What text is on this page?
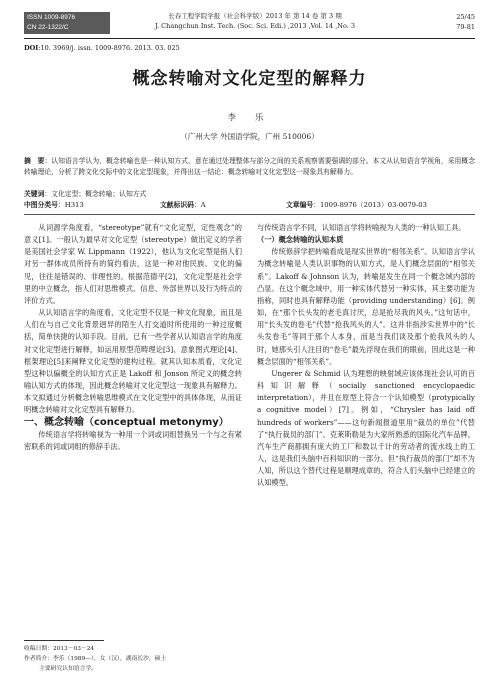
ISSN 1009-8976
CN 22-1322/C
长春工程学院学报（社会科学版）2013 年 第 14 卷 第 3 期
J. Changchun Inst. Tech. (Soc. Sci. Edi.) ,2013 ,Vol. 14 ,No. 3
25/45
79-81
DOI:10. 3969/j. issn. 1009-8976. 2013. 03. 025
概念转喻对文化定型的解释力
李 乐
（广州大学 外国语学院，广州 510006）
摘　要：认知语言学认为，概念转喻也是一种认知方式，意在通过处理整体与部分之间的关系观察需要强调的部分。本文从认知语言学视角，采用概念转喻理论，分析了跨文化交际中的文化定型现象，并得出这一结论：概念转喻对文化定型这一现象具有解释力。
关键词：文化定型；概念转喻；认知方式
中图分类号：H313	文献标识码：A	文章编号：1009-8976（2013）03-0079-03

从词源学角度看，“stereotype”就有“文化定型，定性观念”的意义[1]。一般认为最早对文化定型（stereotype）做出定义的学者是美国社会学家 W. Lippmann（1922），他认为文化定型是指人们对另一群体成员所持有的简约看法，这是一种对他民族、文化的偏见，往往是错误的、非理性的。根据范德平[2]，文化定型是社会学里的中立概念，指人们对思维模式、信息、外部世界以及行为特点的评价方式。

从认知语言学的角度看，文化定型不仅是一种文化现象，而且是人们在与自己文化背景迥异的陌生人打交道时所使用的一种过度概括，简单快捷的认知手段。目前，已有一些学者从认知语言学的角度对文化定型进行解释，如运用原型范畴理论[3]、意象图式理论[4]、框架理论[5]来阐释文化定型的建构过程。就其认知本质看，文化定型这种以偏概全的认知方式正是 Lakoff 和 Jonson 所定义的概念转喻认知方式的体现，因此概念转喻对文化定型这一现象具有解释力。本文拟通过分析概念转喻思维模式在文化定型中的具体体现，从而证明概念转喻对文化定型具有解释力。

一、概念转喻（conceptual metonymy）

传统语言学将转喻视为一种用一个词或词组替换另一个与之有紧密联系的词或词组的修辞手法。

与传统语言学不同，认知语言学将转喻视为人类的一种认知工具。

（一）概念转喻的认知本质

传统修辞学把转喻看成是现实世界的“相邻关系”。认知语言学认为概念转喻是人类认识事物的认知方式，是人们概念层面的“相邻关系”。Lakoff & Johnson 认为，转喻是发生在同一个概念域内部的凸显。在这个概念域中，用一种实体代替另一种实体，其主要功能为指称，同时也具有解释功能（providing understanding）[6]。例如，在“那个长头发的老毛真讨厌，总是抢尽我的风头。”这句话中，用“长头发的卷毛”代替“抢我风头的人”。这并非指涉实世界中的“长头发卷毛”等同于那个人本身，而是当我们谈及那个抢我风头的人时，她那头引人注目的“卷毛”最先浮现在我们的眼前，因此这是一种概念层面的“相邻关系”。

Ungerer & Schmid 认为理想的映射域应该体现社会认可的百科知识解释（socially sanctioned encyclopaedic interpretation），并且在原型上符合一个认知模型（protypically a cognitive model）[7]。例如，“Chrysler has laid off hundreds of workers”——这句新闻报道里用“裁员的单位”代替了“执行裁员的部门”。克莱斯勒是为大家所熟悉的国际化汽车品牌，汽车生产商都拥有庞大的工厂和数以千计的劳动者的流水线上的工人，这是我们头脑中百科知识的一部分。但“执行裁员的部门”却不为人知，所以这个替代过程是顺理成章的，符合人们头脑中已经建立的认知模型。

收稿日期：2013－03－24
作者简介：李乐（1989—），女（汉），湖南长沙，硕士
主要研究认知语言学。
